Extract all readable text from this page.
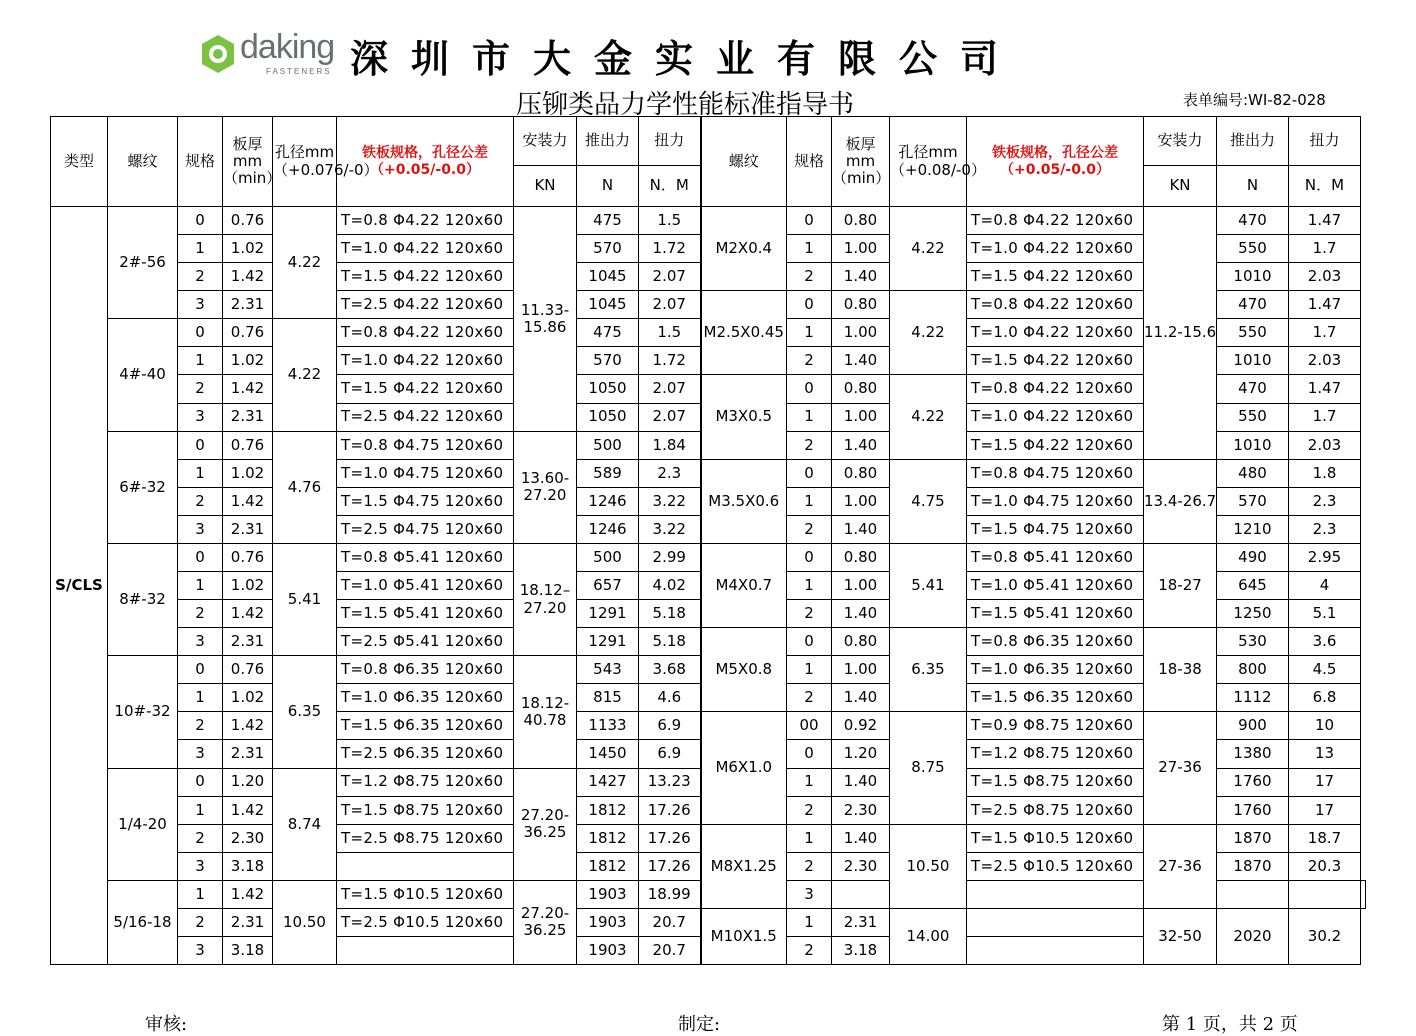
daking
FASTENERS 深圳市大金实业有限公司
压铆类品力学性能标准指导书	表单编号:WI-82-028
类型	螺纹	规格	板厚mm（min）	孔径mm（+0.076/-0）	铁板规格，孔径公差（+0.05/-0.0）	安装力	推出力	扭力	螺纹	规格	板厚mm（min）	孔径mm（+0.08/-0）	铁板规格，孔径公差（+0.05/-0.0）	安装力	推出力	扭力	
						KN	N	N．M						KN	N	N．M	
S/CLS	2#-56	0	0.76	4.22	T=0.8 Φ4.22 120x60	11.33-15.86	475	1.5	M2X0.4	0	0.80	4.22	T=0.8 Φ4.22 120x60	11.2-15.6	470	1.47	
		1	1.02		T=1.0 Φ4.22 120x60		570	1.72		1	1.00		T=1.0 Φ4.22 120x60		550	1.7	
		2	1.42		T=1.5 Φ4.22 120x60		1045	2.07		2	1.40		T=1.5 Φ4.22 120x60		1010	2.03	
		3	2.31		T=2.5 Φ4.22 120x60		1045	2.07	M2.5X0.45	0	0.80	4.22	T=0.8 Φ4.22 120x60		470	1.47	
	4#-40	0	0.76	4.22	T=0.8 Φ4.22 120x60		475	1.5		1	1.00		T=1.0 Φ4.22 120x60		550	1.7	
		1	1.02		T=1.0 Φ4.22 120x60		570	1.72		2	1.40		T=1.5 Φ4.22 120x60		1010	2.03	
		2	1.42		T=1.5 Φ4.22 120x60		1050	2.07	M3X0.5	0	0.80	4.22	T=0.8 Φ4.22 120x60		470	1.47	
		3	2.31		T=2.5 Φ4.22 120x60		1050	2.07		1	1.00		T=1.0 Φ4.22 120x60		550	1.7	
	6#-32	0	0.76	4.76	T=0.8 Φ4.75 120x60	13.60-27.20	500	1.84		2	1.40		T=1.5 Φ4.22 120x60		1010	2.03	
		1	1.02		T=1.0 Φ4.75 120x60		589	2.3	M3.5X0.6	0	0.80	4.75	T=0.8 Φ4.75 120x60	13.4-26.7	480	1.8	
		2	1.42		T=1.5 Φ4.75 120x60		1246	3.22		1	1.00		T=1.0 Φ4.75 120x60		570	2.3	
		3	2.31		T=2.5 Φ4.75 120x60		1246	3.22		2	1.40		T=1.5 Φ4.75 120x60		1210	2.3	
	8#-32	0	0.76	5.41	T=0.8 Φ5.41 120x60	18.12–27.20	500	2.99	M4X0.7	0	0.80	5.41	T=0.8 Φ5.41 120x60	18-27	490	2.95	
		1	1.02		T=1.0 Φ5.41 120x60		657	4.02		1	1.00		T=1.0 Φ5.41 120x60		645	4	
		2	1.42		T=1.5 Φ5.41 120x60		1291	5.18		2	1.40		T=1.5 Φ5.41 120x60		1250	5.1	
		3	2.31		T=2.5 Φ5.41 120x60		1291	5.18	M5X0.8	0	0.80	6.35	T=0.8 Φ6.35 120x60	18-38	530	3.6	
	10#-32	0	0.76	6.35	T=0.8 Φ6.35 120x60	18.12-40.78	543	3.68		1	1.00		T=1.0 Φ6.35 120x60		800	4.5	
		1	1.02		T=1.0 Φ6.35 120x60		815	4.6		2	1.40		T=1.5 Φ6.35 120x60		1112	6.8	
		2	1.42		T=1.5 Φ6.35 120x60		1133	6.9	M6X1.0	00	0.92	8.75	T=0.9 Φ8.75 120x60	27-36	900	10	
		3	2.31		T=2.5 Φ6.35 120x60		1450	6.9		0	1.20		T=1.2 Φ8.75 120x60		1380	13	
	1/4-20	0	1.20	8.74	T=1.2 Φ8.75 120x60	27.20-36.25	1427	13.23		1	1.40		T=1.5 Φ8.75 120x60		1760	17	
		1	1.42		T=1.5 Φ8.75 120x60		1812	17.26		2	2.30		T=2.5 Φ8.75 120x60		1760	17	
		2	2.30		T=2.5 Φ8.75 120x60		1812	17.26	M8X1.25	1	1.40	10.50	T=1.5 Φ10.5 120x60	27-36	1870	18.7	
		3	3.18				1812	17.26		2	2.30		T=2.5 Φ10.5 120x60		1870	20.3	
	5/16-18	1	1.42	10.50	T=1.5 Φ10.5 120x60	27.20-36.25	1903	18.99		3							
		2	2.31		T=2.5 Φ10.5 120x60		1903	20.7	M10X1.5	1	2.31	14.00		32-50	2020	30.2	
		3	3.18				1903	20.7		2	3.18						
审核:	制定:	第 1 页，共 2 页
